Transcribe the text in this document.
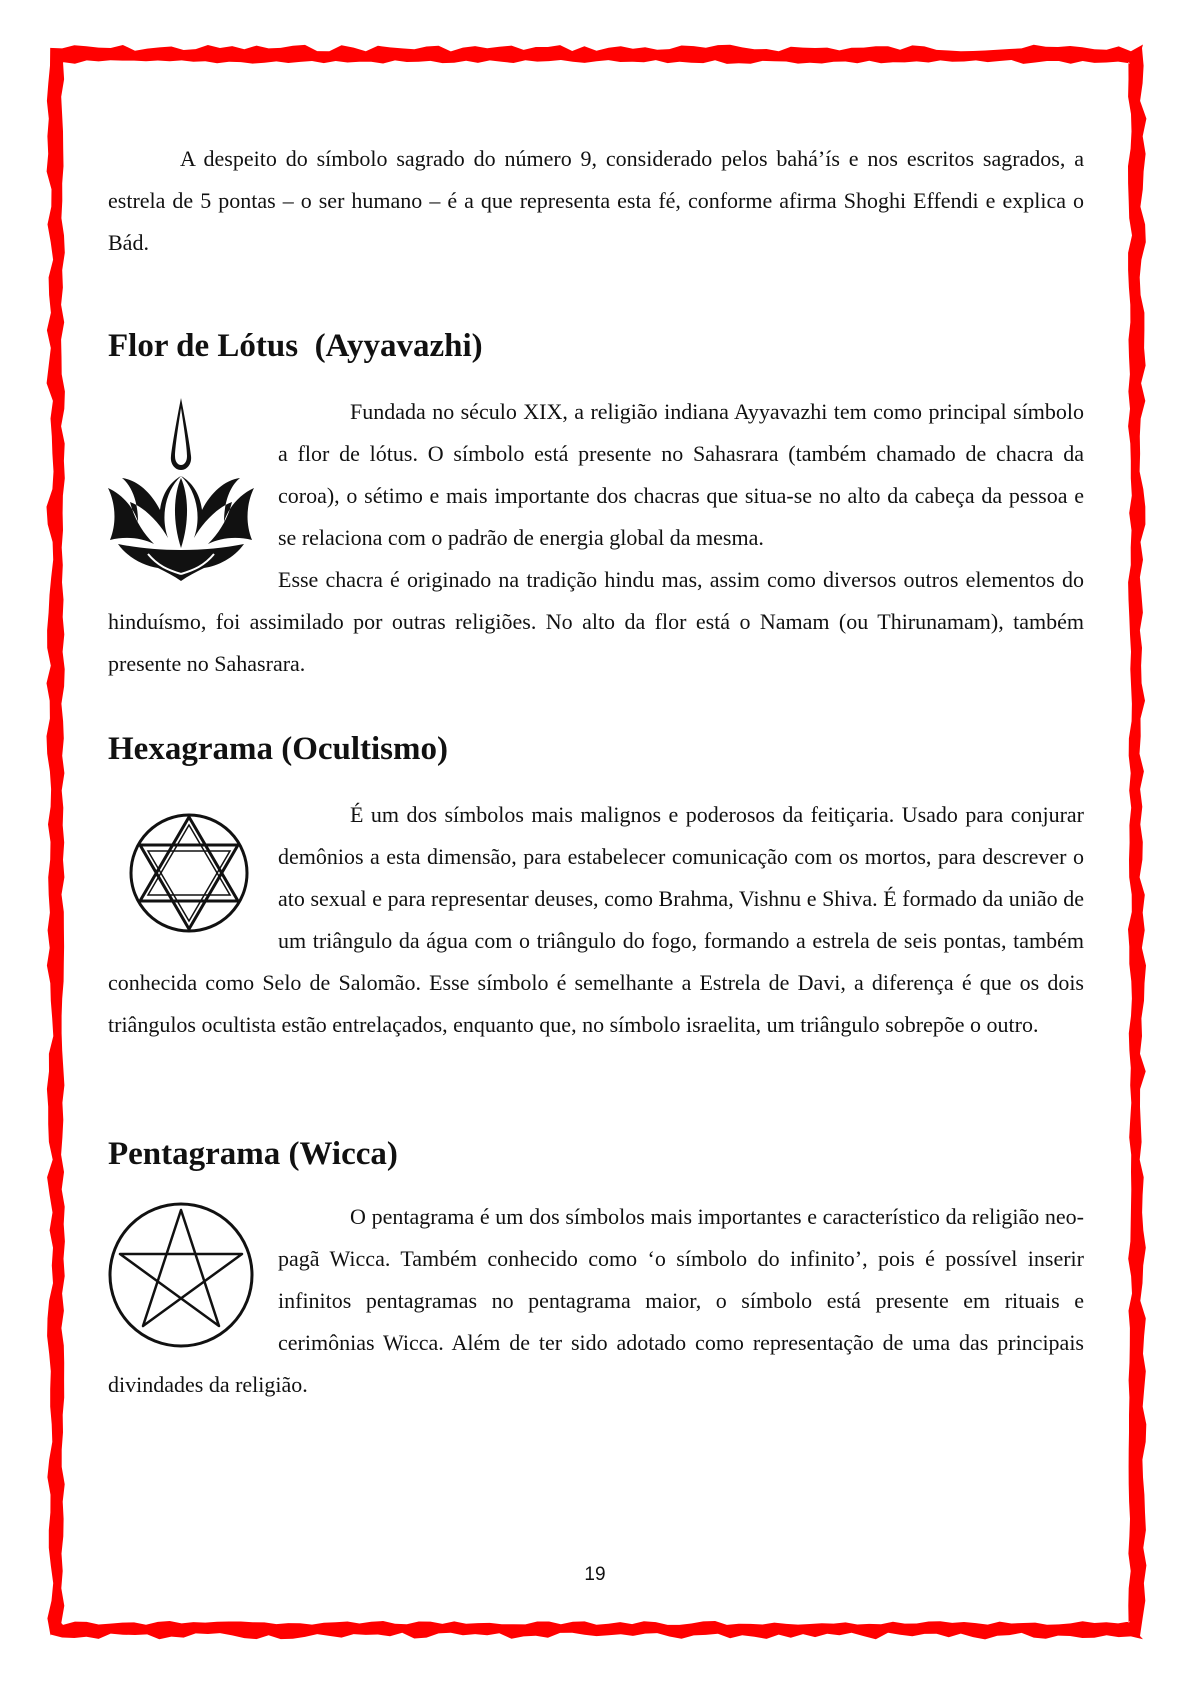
A despeito do símbolo sagrado do número 9, considerado pelos bahá’ís e nos escritos sagrados, a estrela de 5 pontas – o ser humano – é a que representa esta fé, conforme afirma Shoghi Effendi e explica o Bád.

Flor de Lótus  (Ayyavazhi)
Fundada no século XIX, a religião indiana Ayyavazhi tem como principal símbolo a flor de lótus. O símbolo está presente no Sahasrara (também chamado de chacra da coroa), o sétimo e mais importante dos chacras que situa-se no alto da cabeça da pessoa e se relaciona com o padrão de energia global da mesma.
Esse chacra é originado na tradição hindu mas, assim como diversos outros elementos do hinduísmo, foi assimilado por outras religiões. No alto da flor está o Namam (ou Thirunamam), também presente no Sahasrara.
Hexagrama (Ocultismo)
É um dos símbolos mais malignos e poderosos da feitiçaria. Usado para conjurar demônios a esta dimensão, para estabelecer comunicação com os mortos, para descrever o ato sexual e para representar deuses, como Brahma, Vishnu e Shiva. É formado da união de um triângulo da água com o triângulo do fogo, formando a estrela de seis pontas, também conhecida como Selo de Salomão. Esse símbolo é semelhante a Estrela de Davi, a diferença é que os dois triângulos ocultista estão entrelaçados, enquanto que, no símbolo israelita, um triângulo sobrepõe o outro.
Pentagrama (Wicca)
O pentagrama é um dos símbolos mais importantes e característico da religião neo-pagã Wicca. Também conhecido como ‘o símbolo do infinito’, pois é possível inserir infinitos pentagramas no pentagrama maior, o símbolo está presente em rituais e cerimônias Wicca. Além de ter sido adotado como representação de uma das principais divindades da religião.

19
